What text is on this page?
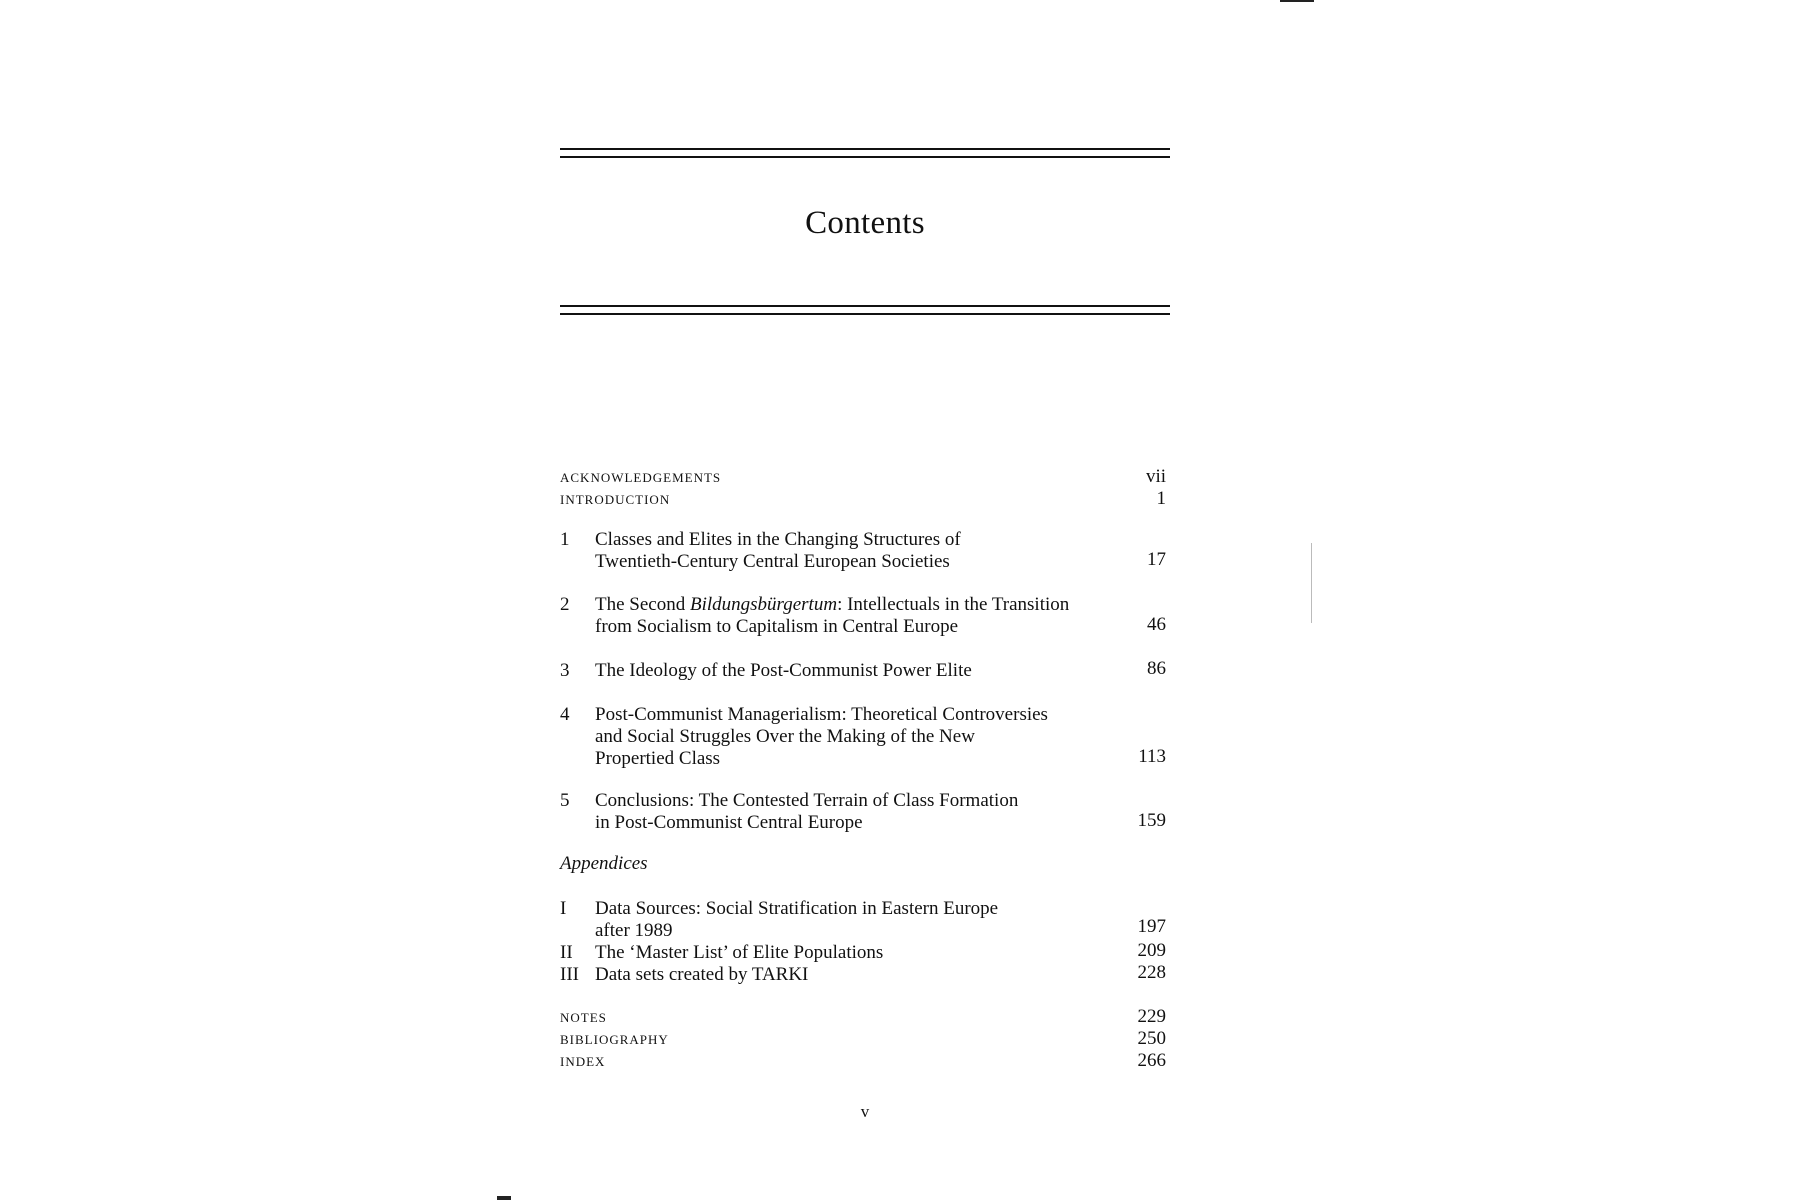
Contents
ACKNOWLEDGEMENTS	vii
INTRODUCTION	1
1 Classes and Elites in the Changing Structures of
Twentieth-Century Central European Societies	17
2 The Second Bildungsbürgertum: Intellectuals in the Transition
from Socialism to Capitalism in Central Europe	46
3 The Ideology of the Post-Communist Power Elite	86
4 Post-Communist Managerialism: Theoretical Controversies
and Social Struggles Over the Making of the New
Propertied Class	113
5 Conclusions: The Contested Terrain of Class Formation
in Post-Communist Central Europe	159
Appendices
I Data Sources: Social Stratification in Eastern Europe
after 1989	197
II The ‘Master List’ of Elite Populations	209
III Data sets created by TARKI	228
NOTES	229
BIBLIOGRAPHY	250
INDEX	266
v
